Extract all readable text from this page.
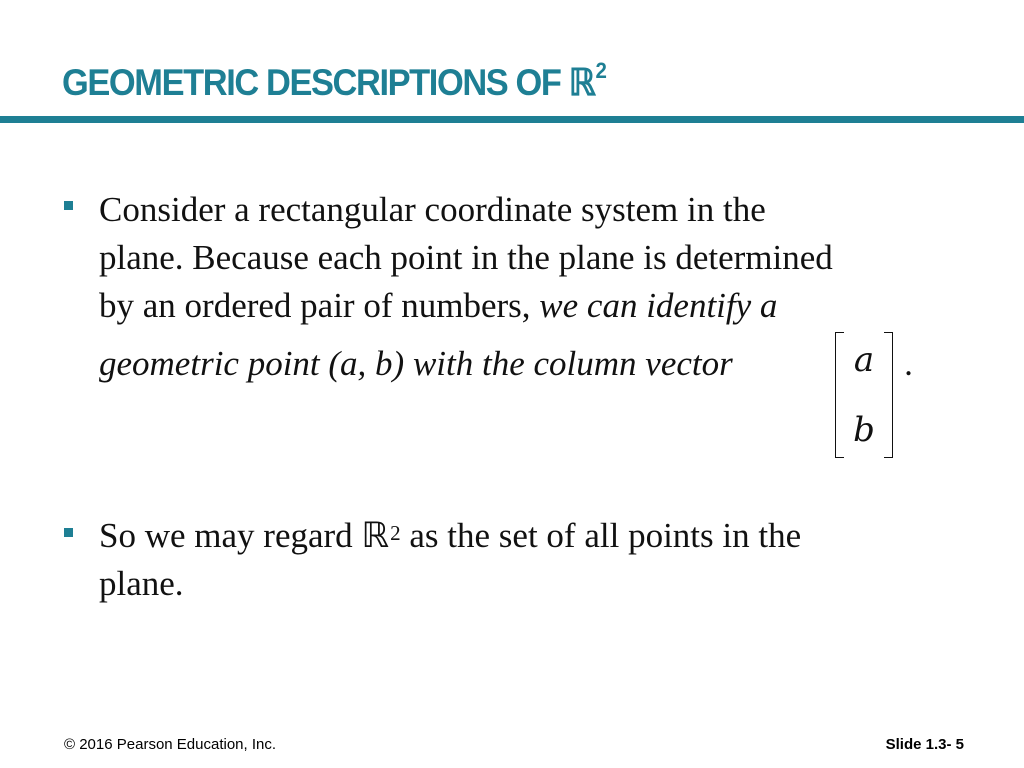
GEOMETRIC DESCRIPTIONS OF ℝ$^2$

Consider a rectangular coordinate system in the
plane. Because each point in the plane is determined
by an ordered pair of numbers, we can identify a

geometric point (a, b) with the column vector	a
b
.

So we may regard ℝ$^2$ as the set of all points in the
plane.

© 2016 Pearson Education, Inc.	Slide 1.3- 5
